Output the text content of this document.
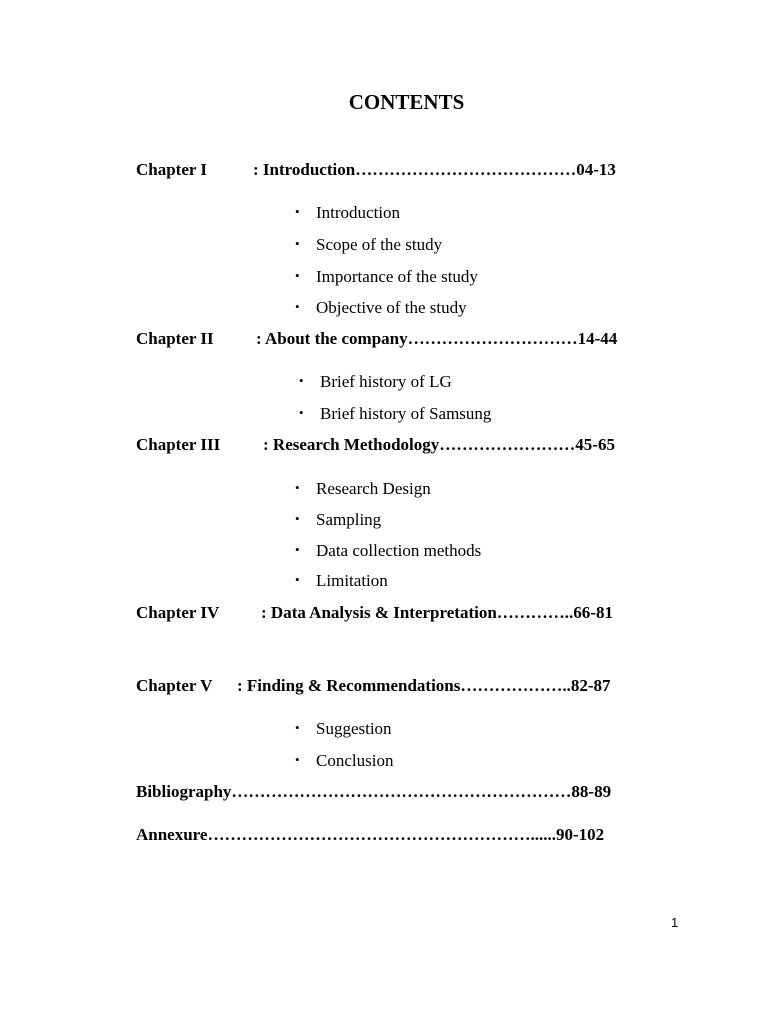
CONTENTS
Chapter I	: Introduction…………………………………04-13
• Introduction
• Scope of the study
• Importance of the study
• Objective of the study
Chapter II : About the company…………………………14-44
• Brief history of LG
• Brief history of Samsung
Chapter III	: Research Methodology……………………45-65
• Research Design
• Sampling
• Data collection methods
• Limitation
Chapter IV : Data Analysis & Interpretation…………..66-81
Chapter V : Finding & Recommendations………………..82-87
• Suggestion
• Conclusion
Bibliography……………………………………………………88-89
Annexure…………………………………………………......90-102
1
